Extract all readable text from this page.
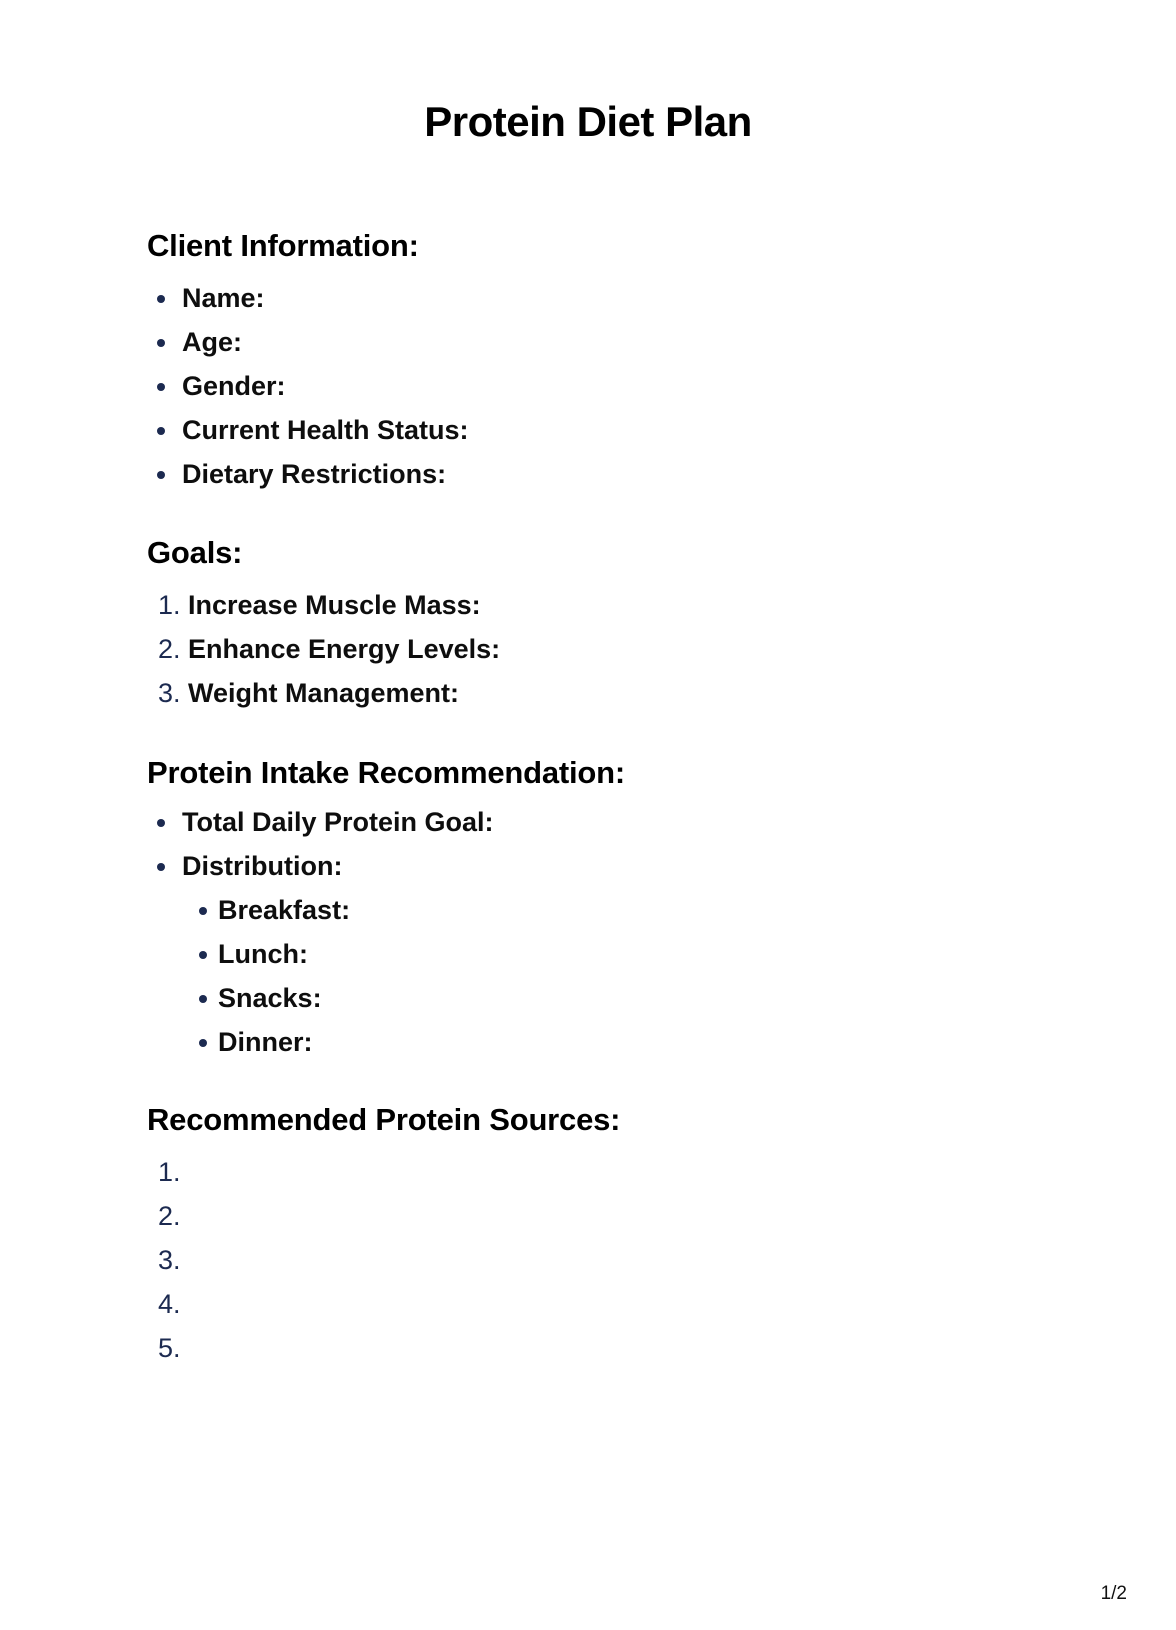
Protein Diet Plan
Client Information:
Name:
Age:
Gender:
Current Health Status:
Dietary Restrictions:
Goals:
1. Increase Muscle Mass:
2. Enhance Energy Levels:
3. Weight Management:
Protein Intake Recommendation:
Total Daily Protein Goal:
Distribution:
Breakfast:
Lunch:
Snacks:
Dinner:
Recommended Protein Sources:
1.
2.
3.
4.
5.
1/2
